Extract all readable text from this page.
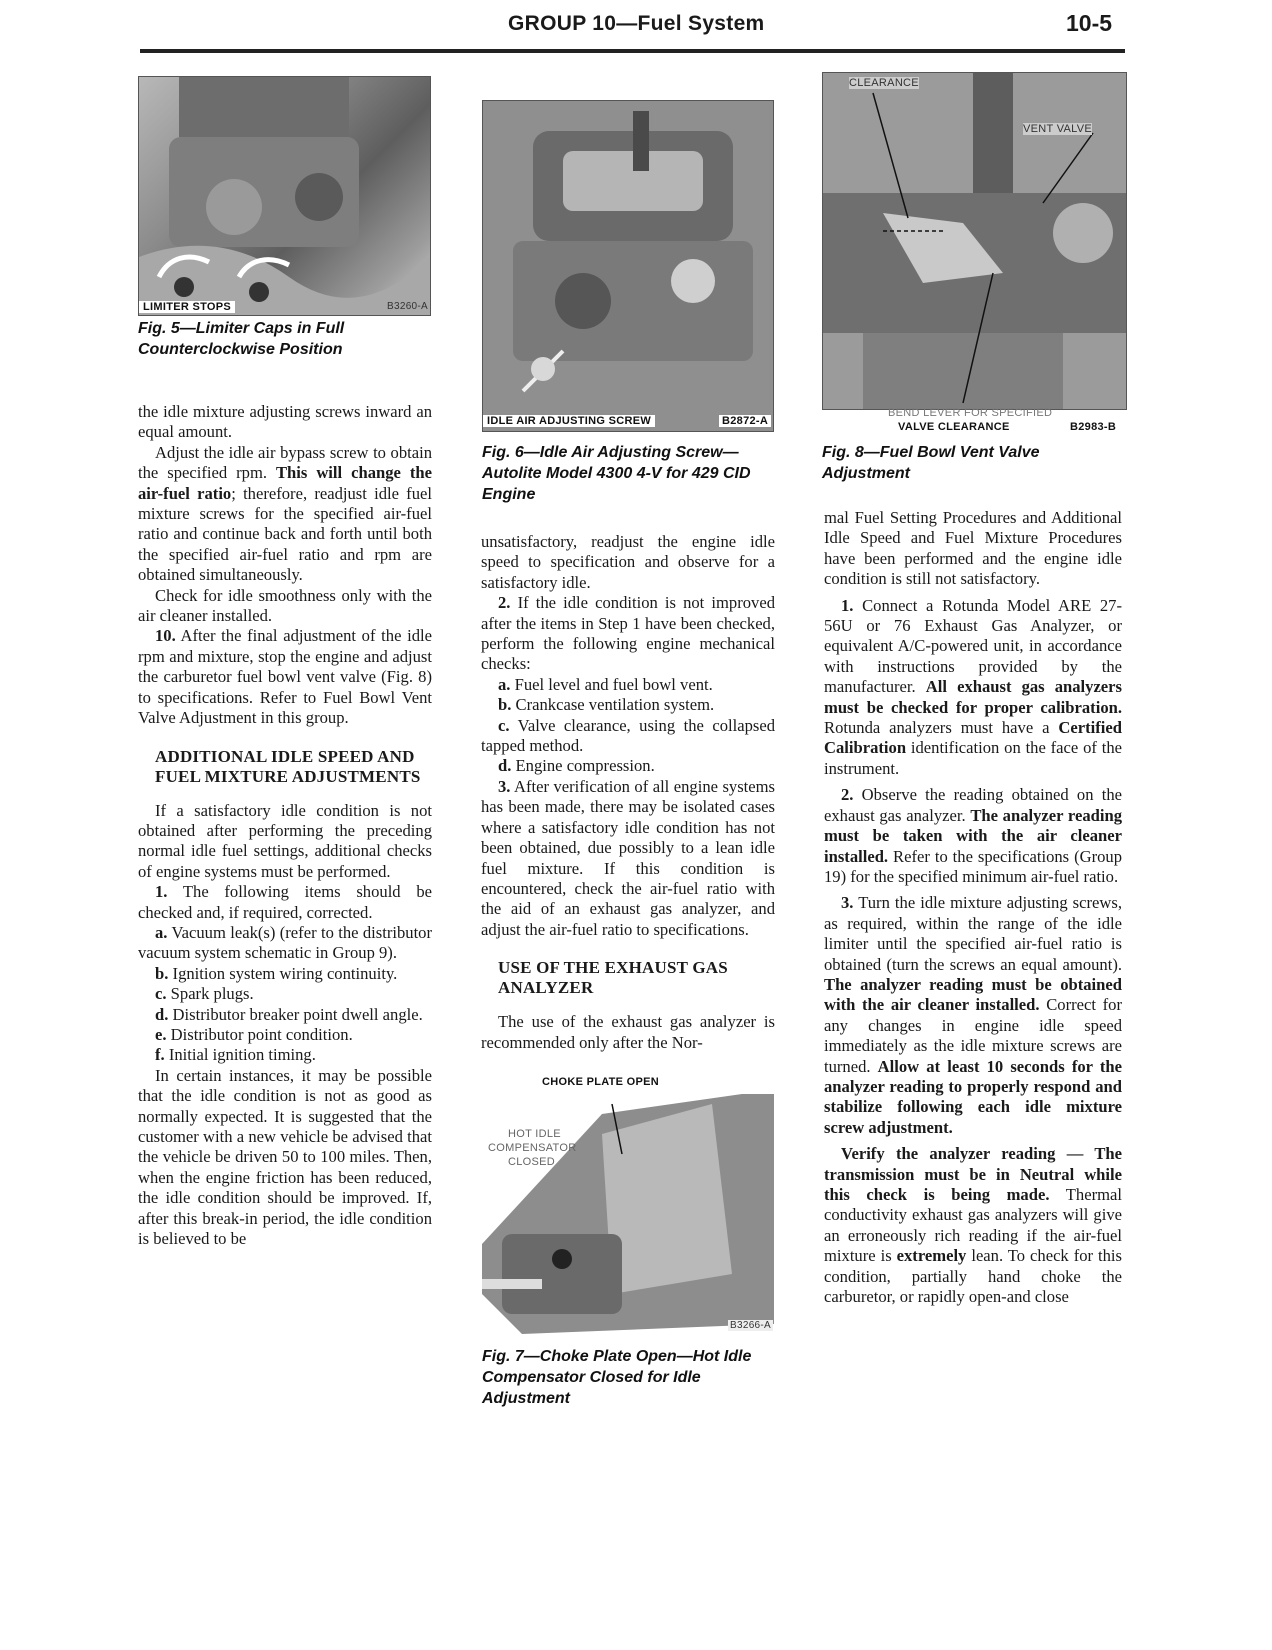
GROUP 10—Fuel System	10-5
LIMITER STOPS	B3260-A
Fig. 5—Limiter Caps in Full Counterclockwise Position
IDLE AIR ADJUSTING SCREW	B2872-A
Fig. 6—Idle Air Adjusting Screw—Autolite Model 4300 4-V for 429 CID Engine
CLEARANCE
VENT VALVE
BEND LEVER FOR SPECIFIED
VALVE CLEARANCE	B2983-B
Fig. 8—Fuel Bowl Vent Valve Adjustment
CHOKE PLATE OPEN
HOT IDLE
COMPENSATOR
CLOSED
B3266-A
Fig. 7—Choke Plate Open—Hot Idle Compensator Closed for Idle Adjustment

the idle mixture adjusting screws inward an equal amount.

Adjust the idle air bypass screw to obtain the specified rpm. This will change the air-fuel ratio; therefore, readjust idle fuel mixture screws for the specified air-fuel ratio and continue back and forth until both the specified air-fuel ratio and rpm are obtained simultaneously.

Check for idle smoothness only with the air cleaner installed.

10. After the final adjustment of the idle rpm and mixture, stop the engine and adjust the carburetor fuel bowl vent valve (Fig. 8) to specifications. Refer to Fuel Bowl Vent Valve Adjustment in this group.

ADDITIONAL IDLE SPEED AND FUEL MIXTURE ADJUSTMENTS

If a satisfactory idle condition is not obtained after performing the preceding normal idle fuel settings, additional checks of engine systems must be performed.

1. The following items should be checked and, if required, corrected.

a. Vacuum leak(s) (refer to the distributor vacuum system schematic in Group 9).

b. Ignition system wiring continuity.

c. Spark plugs.

d. Distributor breaker point dwell angle.

e. Distributor point condition.

f. Initial ignition timing.

In certain instances, it may be possible that the idle condition is not as good as normally expected. It is suggested that the customer with a new vehicle be advised that the vehicle be driven 50 to 100 miles. Then, when the engine friction has been reduced, the idle condition should be improved. If, after this break-in period, the idle condition is believed to be

unsatisfactory, readjust the engine idle speed to specification and observe for a satisfactory idle.

2. If the idle condition is not improved after the items in Step 1 have been checked, perform the following engine mechanical checks:

a. Fuel level and fuel bowl vent.

b. Crankcase ventilation system.

c. Valve clearance, using the collapsed tapped method.

d. Engine compression.

3. After verification of all engine systems has been made, there may be isolated cases where a satisfactory idle condition has not been obtained, due possibly to a lean idle fuel mixture. If this condition is encountered, check the air-fuel ratio with the aid of an exhaust gas analyzer, and adjust the air-fuel ratio to specifications.

USE OF THE EXHAUST GAS ANALYZER

The use of the exhaust gas analyzer is recommended only after the Nor-

mal Fuel Setting Procedures and Additional Idle Speed and Fuel Mixture Procedures have been performed and the engine idle condition is still not satisfactory.

1. Connect a Rotunda Model ARE 27-56U or 76 Exhaust Gas Analyzer, or equivalent A/C-powered unit, in accordance with instructions provided by the manufacturer. All exhaust gas analyzers must be checked for proper calibration. Rotunda analyzers must have a Certified Calibration identification on the face of the instrument.

2. Observe the reading obtained on the exhaust gas analyzer. The analyzer reading must be taken with the air cleaner installed. Refer to the specifications (Group 19) for the specified minimum air-fuel ratio.

3. Turn the idle mixture adjusting screws, as required, within the range of the idle limiter until the specified air-fuel ratio is obtained (turn the screws an equal amount). The analyzer reading must be obtained with the air cleaner installed. Correct for any changes in engine idle speed immediately as the idle mixture screws are turned. Allow at least 10 seconds for the analyzer reading to properly respond and stabilize following each idle mixture screw adjustment.

Verify the analyzer reading — The transmission must be in Neutral while this check is being made. Thermal conductivity exhaust gas analyzers will give an erroneously rich reading if the air-fuel mixture is extremely lean. To check for this condition, partially hand choke the carburetor, or rapidly open-and close
